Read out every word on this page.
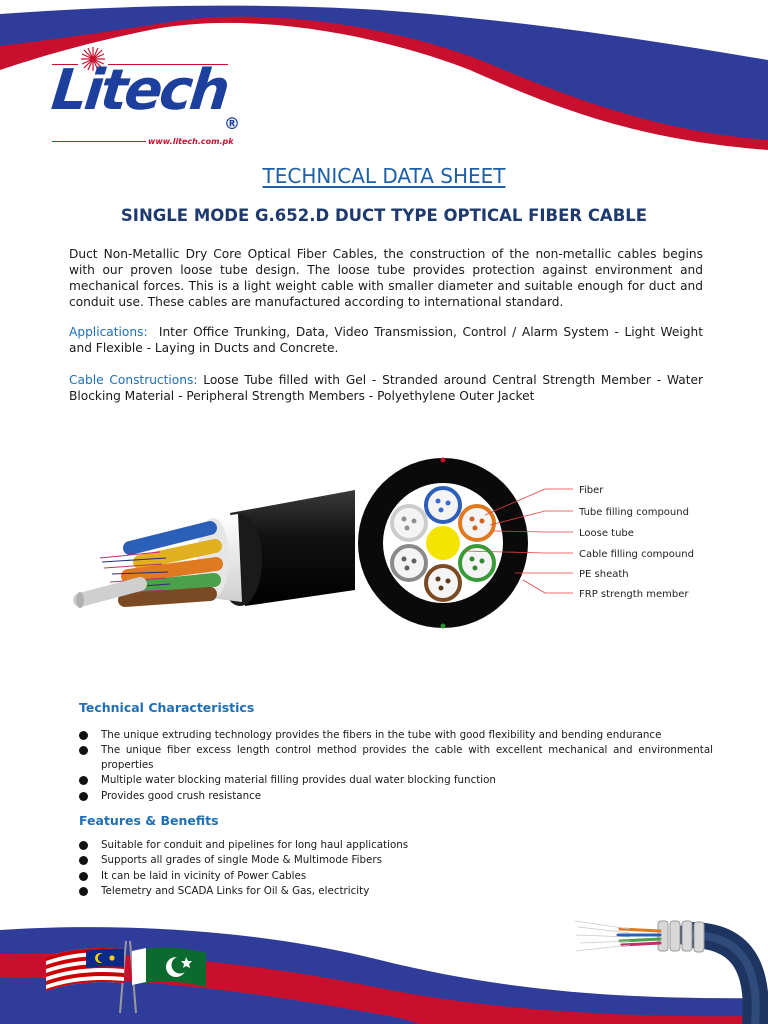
Litech
®
www.litech.com.pk
TECHNICAL DATA SHEET
SINGLE MODE G.652.D DUCT TYPE OPTICAL FIBER CABLE
Duct Non-Metallic Dry Core Optical Fiber Cables, the construction of the non-metallic cables begins with our proven loose tube design. The loose tube provides protection against environment and mechanical forces. This is a light weight cable with smaller diameter and suitable enough for duct and conduit use. These cables are manufactured according to international standard.
Applications: Inter Office Trunking, Data, Video Transmission, Control / Alarm System - Light Weight and Flexible - Laying in Ducts and Concrete.
Cable Constructions: Loose Tube filled with Gel - Stranded around Central Strength Member - Water Blocking Material - Peripheral Strength Members - Polyethylene Outer Jacket
Fiber
Tube filling compound
Loose tube
Cable filling compound
PE sheath
FRP strength member
Technical Characteristics
The unique extruding technology provides the fibers in the tube with good flexibility and bending endurance
The unique fiber excess length control method provides the cable with excellent mechanical and environmental properties
Multiple water blocking material filling provides dual water blocking function
Provides good crush resistance
Features & Benefits
Suitable for conduit and pipelines for long haul applications
Supports all grades of single Mode & Multimode Fibers
It can be laid in vicinity of Power Cables
Telemetry and SCADA Links for Oil & Gas, electricity
